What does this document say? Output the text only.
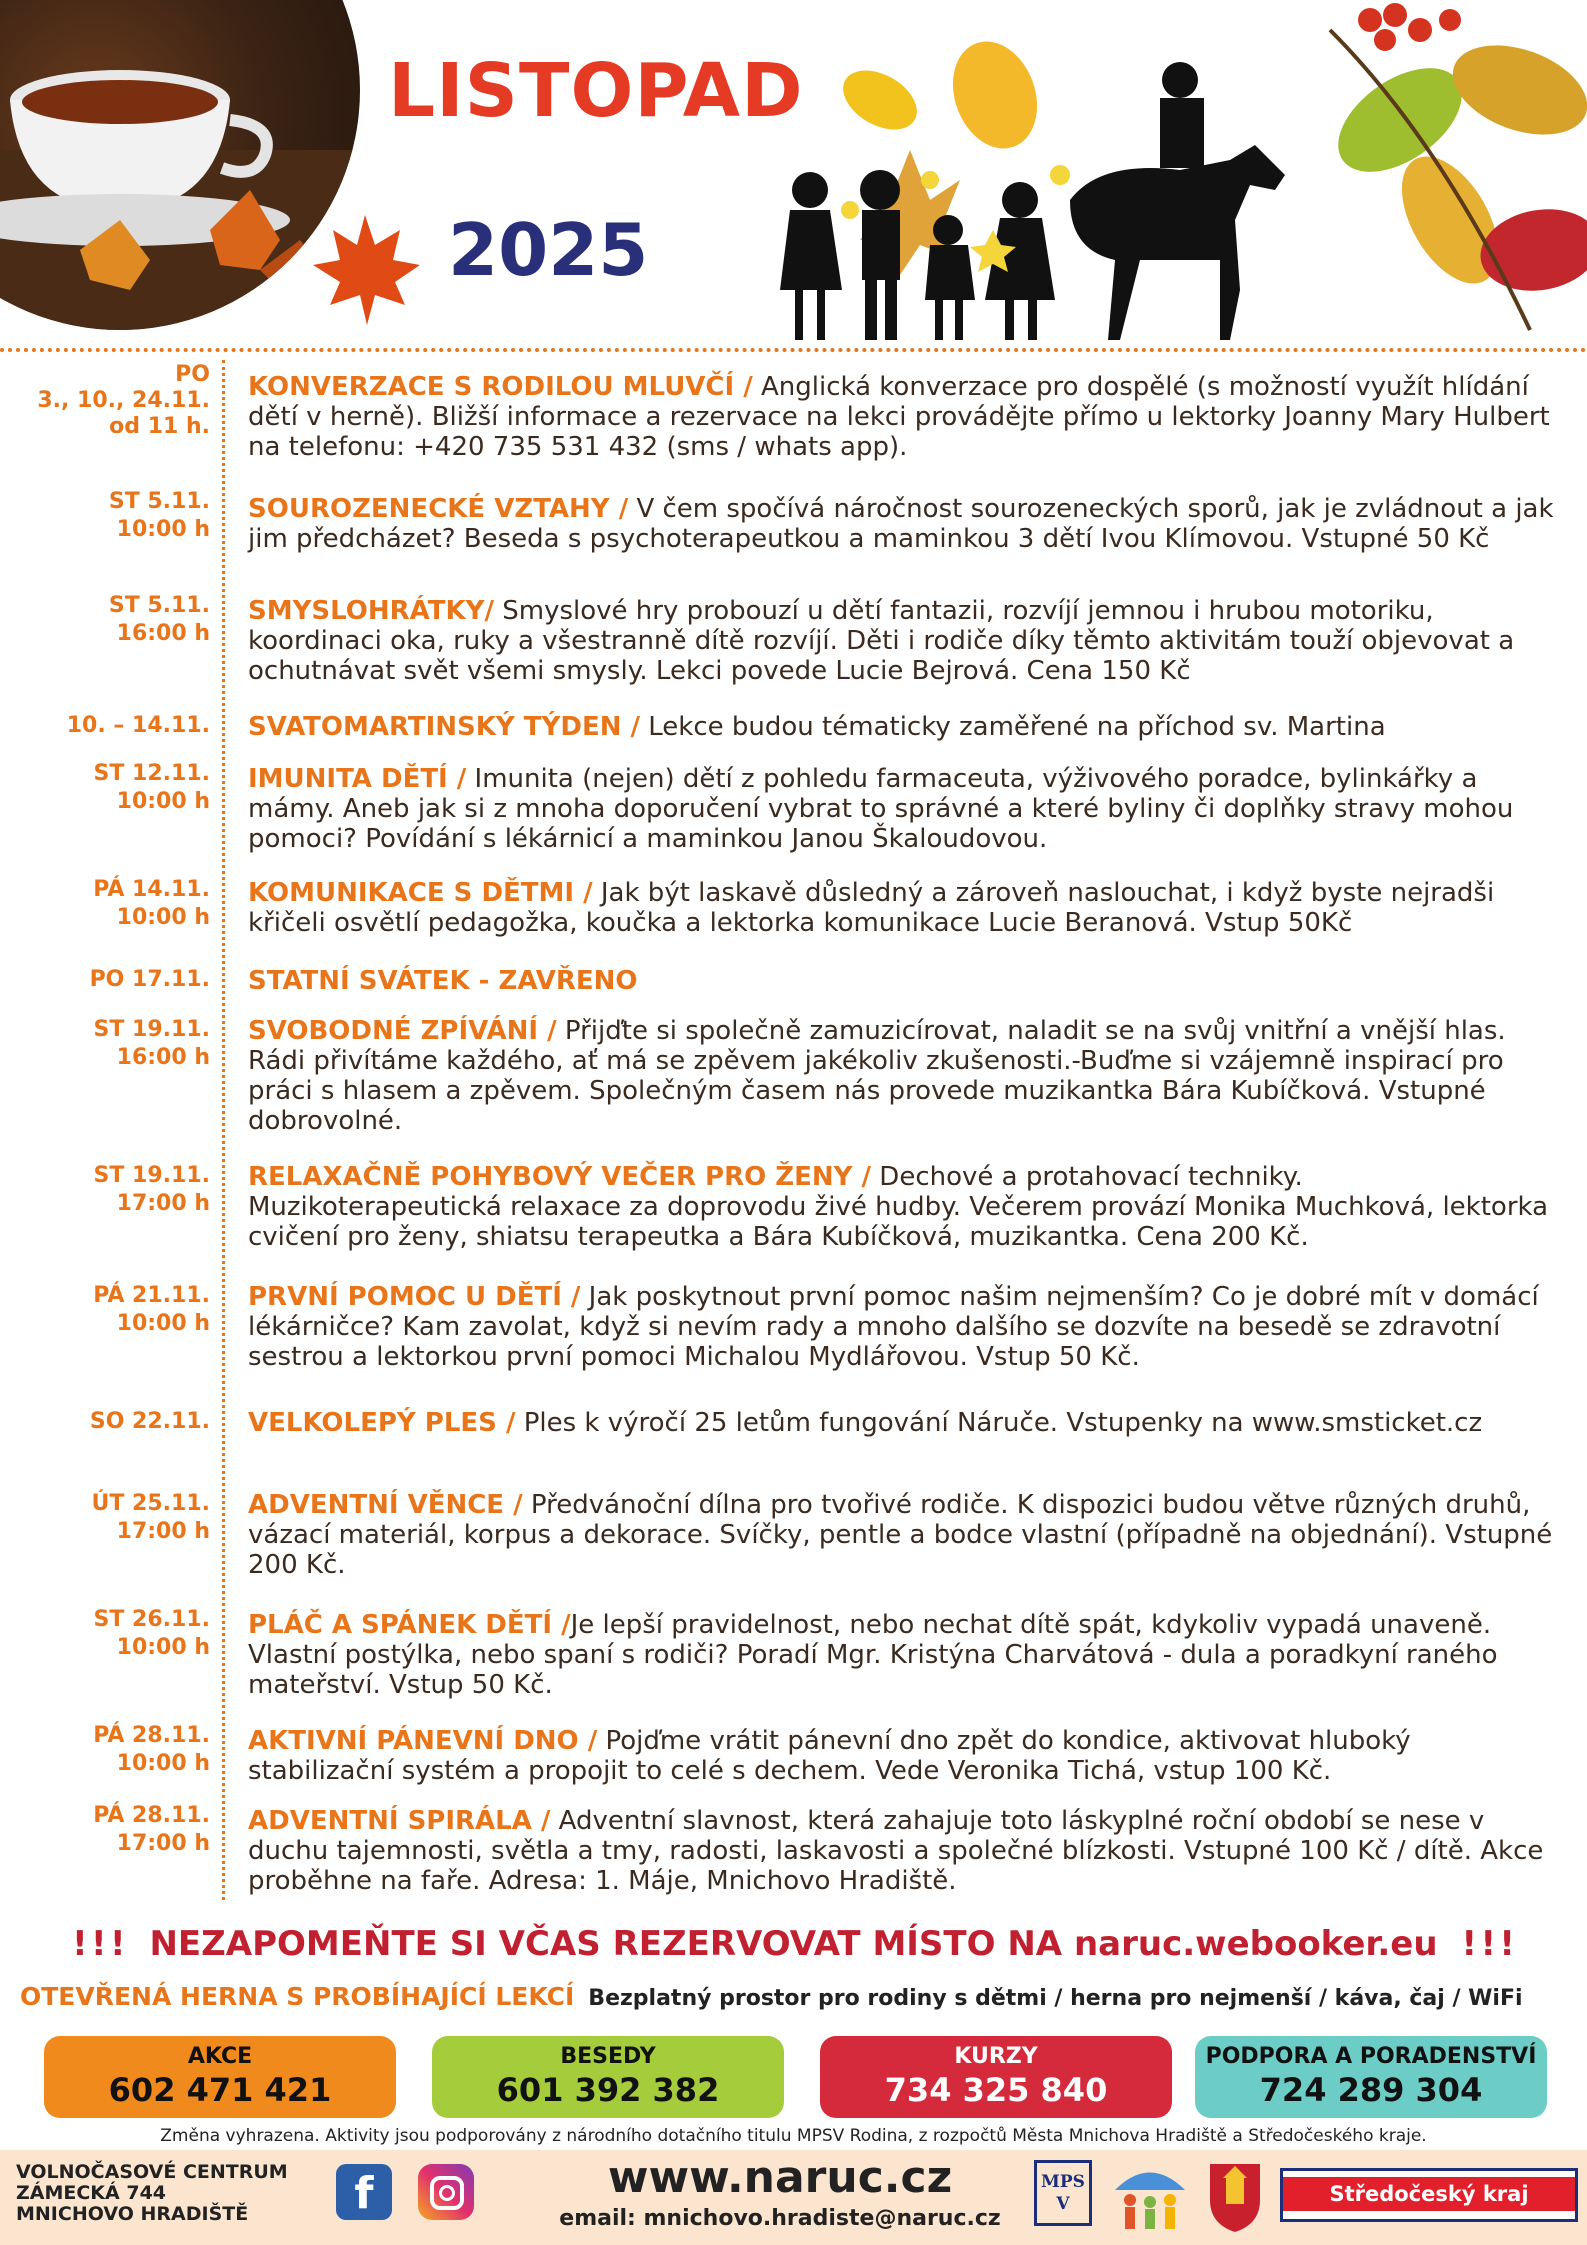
LISTOPAD
2025
PO
3., 10., 24.11.
od 11 h.
KONVERZACE S RODILOU MLUVČÍ / Anglická konverzace pro dospělé (s možností využít hlídání dětí v herně). Bližší informace a rezervace na lekci provádějte přímo u lektorky Joanny Mary Hulbert na telefonu: +420 735 531 432 (sms / whats app).
ST 5.11.
10:00 h
SOUROZENECKÉ VZTAHY / V čem spočívá náročnost sourozeneckých sporů, jak je zvládnout a jak jim předcházet? Beseda s psychoterapeutkou a maminkou 3 dětí Ivou Klímovou. Vstupné 50 Kč
ST 5.11.
16:00 h
SMYSLOHRÁTKY/ Smyslové hry probouzí u dětí fantazii, rozvíjí jemnou i hrubou motoriku, koordinaci oka, ruky a všestranně dítě rozvíjí. Děti i rodiče díky těmto aktivitám touží objevovat a ochutnávat svět všemi smysly. Lekci povede Lucie Bejrová. Cena 150 Kč
10. – 14.11. SVATOMARTINSKÝ TÝDEN / Lekce budou tématicky zaměřené na příchod sv. Martina
ST 12.11.
10:00 h
IMUNITA DĚTÍ / Imunita (nejen) dětí z pohledu farmaceuta, výživového poradce, bylinkářky a mámy. Aneb jak si z mnoha doporučení vybrat to správné a které byliny či doplňky stravy mohou pomoci? Povídání s lékárnicí a maminkou Janou Škaloudovou.
PÁ 14.11.
10:00 h
KOMUNIKACE S DĚTMI / Jak být laskavě důsledný a zároveň naslouchat, i když byste nejradši křičeli osvětlí pedagožka, koučka a lektorka komunikace Lucie Beranová. Vstup 50Kč
PO 17.11. STATNÍ SVÁTEK - ZAVŘENO
ST 19.11.
16:00 h
SVOBODNÉ ZPÍVÁNÍ / Přijďte si společně zamuzicírovat, naladit se na svůj vnitřní a vnější hlas. Rádi přivítáme každého, ať má se zpěvem jakékoliv zkušenosti.-Buďme si vzájemně inspirací pro práci s hlasem a zpěvem. Společným časem nás provede muzikantka Bára Kubíčková. Vstupné dobrovolné.
ST 19.11.
17:00 h
RELAXAČNĚ POHYBOVÝ VEČER PRO ŽENY / Dechové a protahovací techniky. Muzikoterapeutická relaxace za doprovodu živé hudby. Večerem provází Monika Muchková, lektorka cvičení pro ženy, shiatsu terapeutka a Bára Kubíčková, muzikantka. Cena 200 Kč.
PÁ 21.11.
10:00 h
PRVNÍ POMOC U DĚTÍ / Jak poskytnout první pomoc našim nejmenším? Co je dobré mít v domácí lékárničce? Kam zavolat, když si nevím rady a mnoho dalšího se dozvíte na besedě se zdravotní sestrou a lektorkou první pomoci Michalou Mydlářovou. Vstup 50 Kč.
SO 22.11. VELKOLEPÝ PLES / Ples k výročí 25 letům fungování Náruče. Vstupenky na www.smsticket.cz
ÚT 25.11.
17:00 h
ADVENTNÍ VĚNCE / Předvánoční dílna pro tvořivé rodiče. K dispozici budou větve různých druhů, vázací materiál, korpus a dekorace. Svíčky, pentle a bodce vlastní (případně na objednání). Vstupné 200 Kč.
ST 26.11.
10:00 h
PLÁČ A SPÁNEK DĚTÍ /Je lepší pravidelnost, nebo nechat dítě spát, kdykoliv vypadá unaveně. Vlastní postýlka, nebo spaní s rodiči? Poradí Mgr. Kristýna Charvátová - dula a poradkyní raného mateřství. Vstup 50 Kč.
PÁ 28.11.
10:00 h
AKTIVNÍ PÁNEVNÍ DNO / Pojďme vrátit pánevní dno zpět do kondice, aktivovat hluboký stabilizační systém a propojit to celé s dechem. Vede Veronika Tichá, vstup 100 Kč.
PÁ 28.11.
17:00 h
ADVENTNÍ SPIRÁLA / Adventní slavnost, která zahajuje toto láskyplné roční období se nese v duchu tajemnosti, světla a tmy, radosti, laskavosti a společné blízkosti. Vstupné 100 Kč / dítě. Akce proběhne na faře. Adresa: 1. Máje, Mnichovo Hradiště.
! ! ! NEZAPOMEŇTE SI VČAS REZERVOVAT MÍSTO NA naruc.webooker.eu ! ! !
OTEVŘENÁ HERNA S PROBÍHAJÍCÍ LEKCÍ Bezplatný prostor pro rodiny s dětmi / herna pro nejmenší / káva, čaj / WiFi
AKCE
602 471 421
BESEDY
601 392 382
KURZY
734 325 840
PODPORA A PORADENSTVÍ
724 289 304
Změna vyhrazena. Aktivity jsou podporovány z národního dotačního titulu MPSV Rodina, z rozpočtů Města Mnichova Hradiště a Středočeského kraje.
VOLNOČASOVÉ CENTRUM
ZÁMECKÁ 744
MNICHOVO HRADIŠTĚ	f	MPSV
www.naruc.cz
email: mnichovo.hradiste@naruc.cz
Středočeský kraj
